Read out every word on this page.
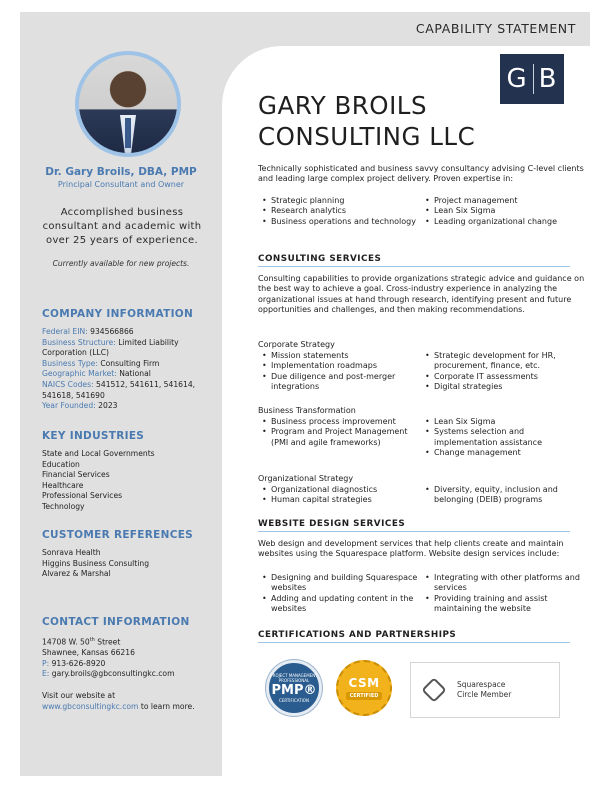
CAPABILITY STATEMENT
Dr. Gary Broils, DBA, PMP
Principal Consultant and Owner
Accomplished business consultant and academic with over 25 years of experience.
Currently available for new projects.
COMPANY INFORMATION
Federal EIN: 934566866
Business Structure: Limited Liability Corporation (LLC)
Business Type: Consulting Firm
Geographic Market: National
NAICS Codes: 541512, 541611, 541614, 541618, 541690
Year Founded: 2023
KEY INDUSTRIES
State and Local Governments
Education
Financial Services
Healthcare
Professional Services
Technology
CUSTOMER REFERENCES
Sonrava Health
Higgins Business Consulting
Alvarez & Marshal
CONTACT INFORMATION
14708 W. 50th Street
Shawnee, Kansas 66216
P: 913-626-8920
E: gary.broils@gbconsultingkc.com
Visit our website at
www.gbconsultingkc.com to learn more.
G B
GARY BROILS
CONSULTING LLC
Technically sophisticated and business savvy consultancy advising C-level clients and leading large complex project delivery. Proven expertise in:
• Strategic planning
• Research analytics
• Business operations and technology
• Project management
• Lean Six Sigma
• Leading organizational change
CONSULTING SERVICES
Consulting capabilities to provide organizations strategic advice and guidance on the best way to achieve a goal. Cross-industry experience in analyzing the organizational issues at hand through research, identifying present and future opportunities and challenges, and then making recommendations.
Corporate Strategy
• Mission statements
• Implementation roadmaps
• Due diligence and post-merger integrations
• Strategic development for HR, procurement, finance, etc.
• Corporate IT assessments
• Digital strategies
Business Transformation
• Business process improvement
• Program and Project Management (PMI and agile frameworks)
• Lean Six Sigma
• Systems selection and implementation assistance
• Change management
Organizational Strategy
• Organizational diagnostics
• Human capital strategies
• Diversity, equity, inclusion and belonging (DEIB) programs
WEBSITE DESIGN SERVICES
Web design and development services that help clients create and maintain websites using the Squarespace platform. Website design services include:
• Designing and building Squarespace websites
• Adding and updating content in the websites
• Integrating with other platforms and services
• Providing training and assist maintaining the website
CERTIFICATIONS AND PARTNERSHIPS
PROJECT MANAGEMENT PROFESSIONAL
PMP®
CERTIFICATION
CSM
CERTIFIED
Squarespace
Circle Member
